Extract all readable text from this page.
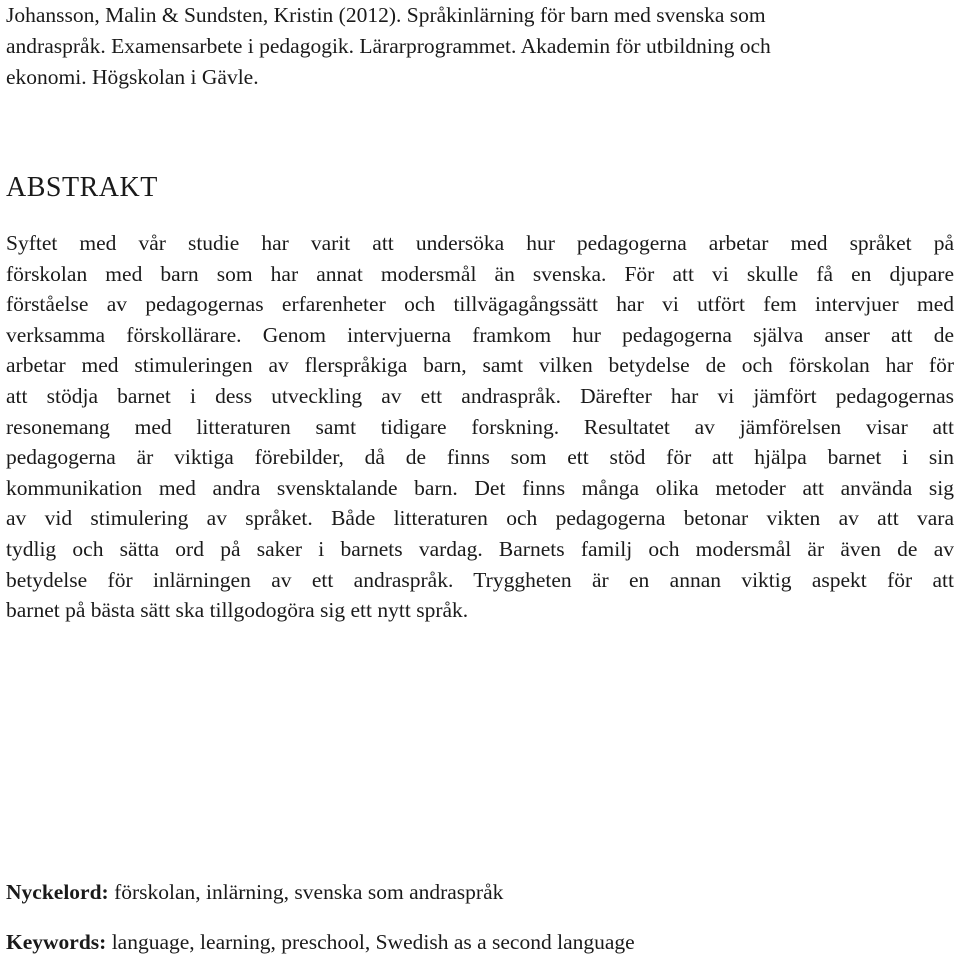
Johansson, Malin & Sundsten, Kristin (2012). Språkinlärning för barn med svenska som
andraspråk. Examensarbete i pedagogik. Lärarprogrammet. Akademin för utbildning och
ekonomi. Högskolan i Gävle.

ABSTRAKT
Syftet med vår studie har varit att undersöka hur pedagogerna arbetar med språket på
förskolan med barn som har annat modersmål än svenska. För att vi skulle få en djupare
förståelse av pedagogernas erfarenheter och tillvägagångssätt har vi utfört fem intervjuer med
verksamma förskollärare. Genom intervjuerna framkom hur pedagogerna själva anser att de
arbetar med stimuleringen av flerspråkiga barn, samt vilken betydelse de och förskolan har för
att stödja barnet i dess utveckling av ett andraspråk. Därefter har vi jämfört pedagogernas
resonemang med litteraturen samt tidigare forskning. Resultatet av jämförelsen visar att
pedagogerna är viktiga förebilder, då de finns som ett stöd för att hjälpa barnet i sin
kommunikation med andra svensktalande barn. Det finns många olika metoder att använda sig
av vid stimulering av språket. Både litteraturen och pedagogerna betonar vikten av att vara
tydlig och sätta ord på saker i barnets vardag. Barnets familj och modersmål är även de av
betydelse för inlärningen av ett andraspråk. Tryggheten är en annan viktig aspekt för att
barnet på bästa sätt ska tillgodogöra sig ett nytt språk.

Nyckelord: förskolan, inlärning, svenska som andraspråk

Keywords: language, learning, preschool, Swedish as a second language
